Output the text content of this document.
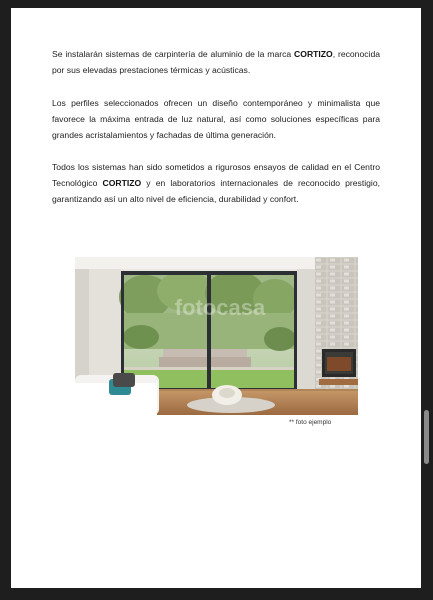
Se instalarán sistemas de carpintería de aluminio de la marca CORTIZO, reconocida por sus elevadas prestaciones térmicas y acústicas.

Los perfiles seleccionados ofrecen un diseño contemporáneo y minimalista que favorece la máxima entrada de luz natural, así como soluciones específicas para grandes acristalamientos y fachadas de última generación.

Todos los sistemas han sido sometidos a rigurosos ensayos de calidad en el Centro Tecnológico CORTIZO y en laboratorios internacionales de reconocido prestigio, garantizando así un alto nivel de eficiencia, durabilidad y confort.

fotocasa
** foto ejemplo
